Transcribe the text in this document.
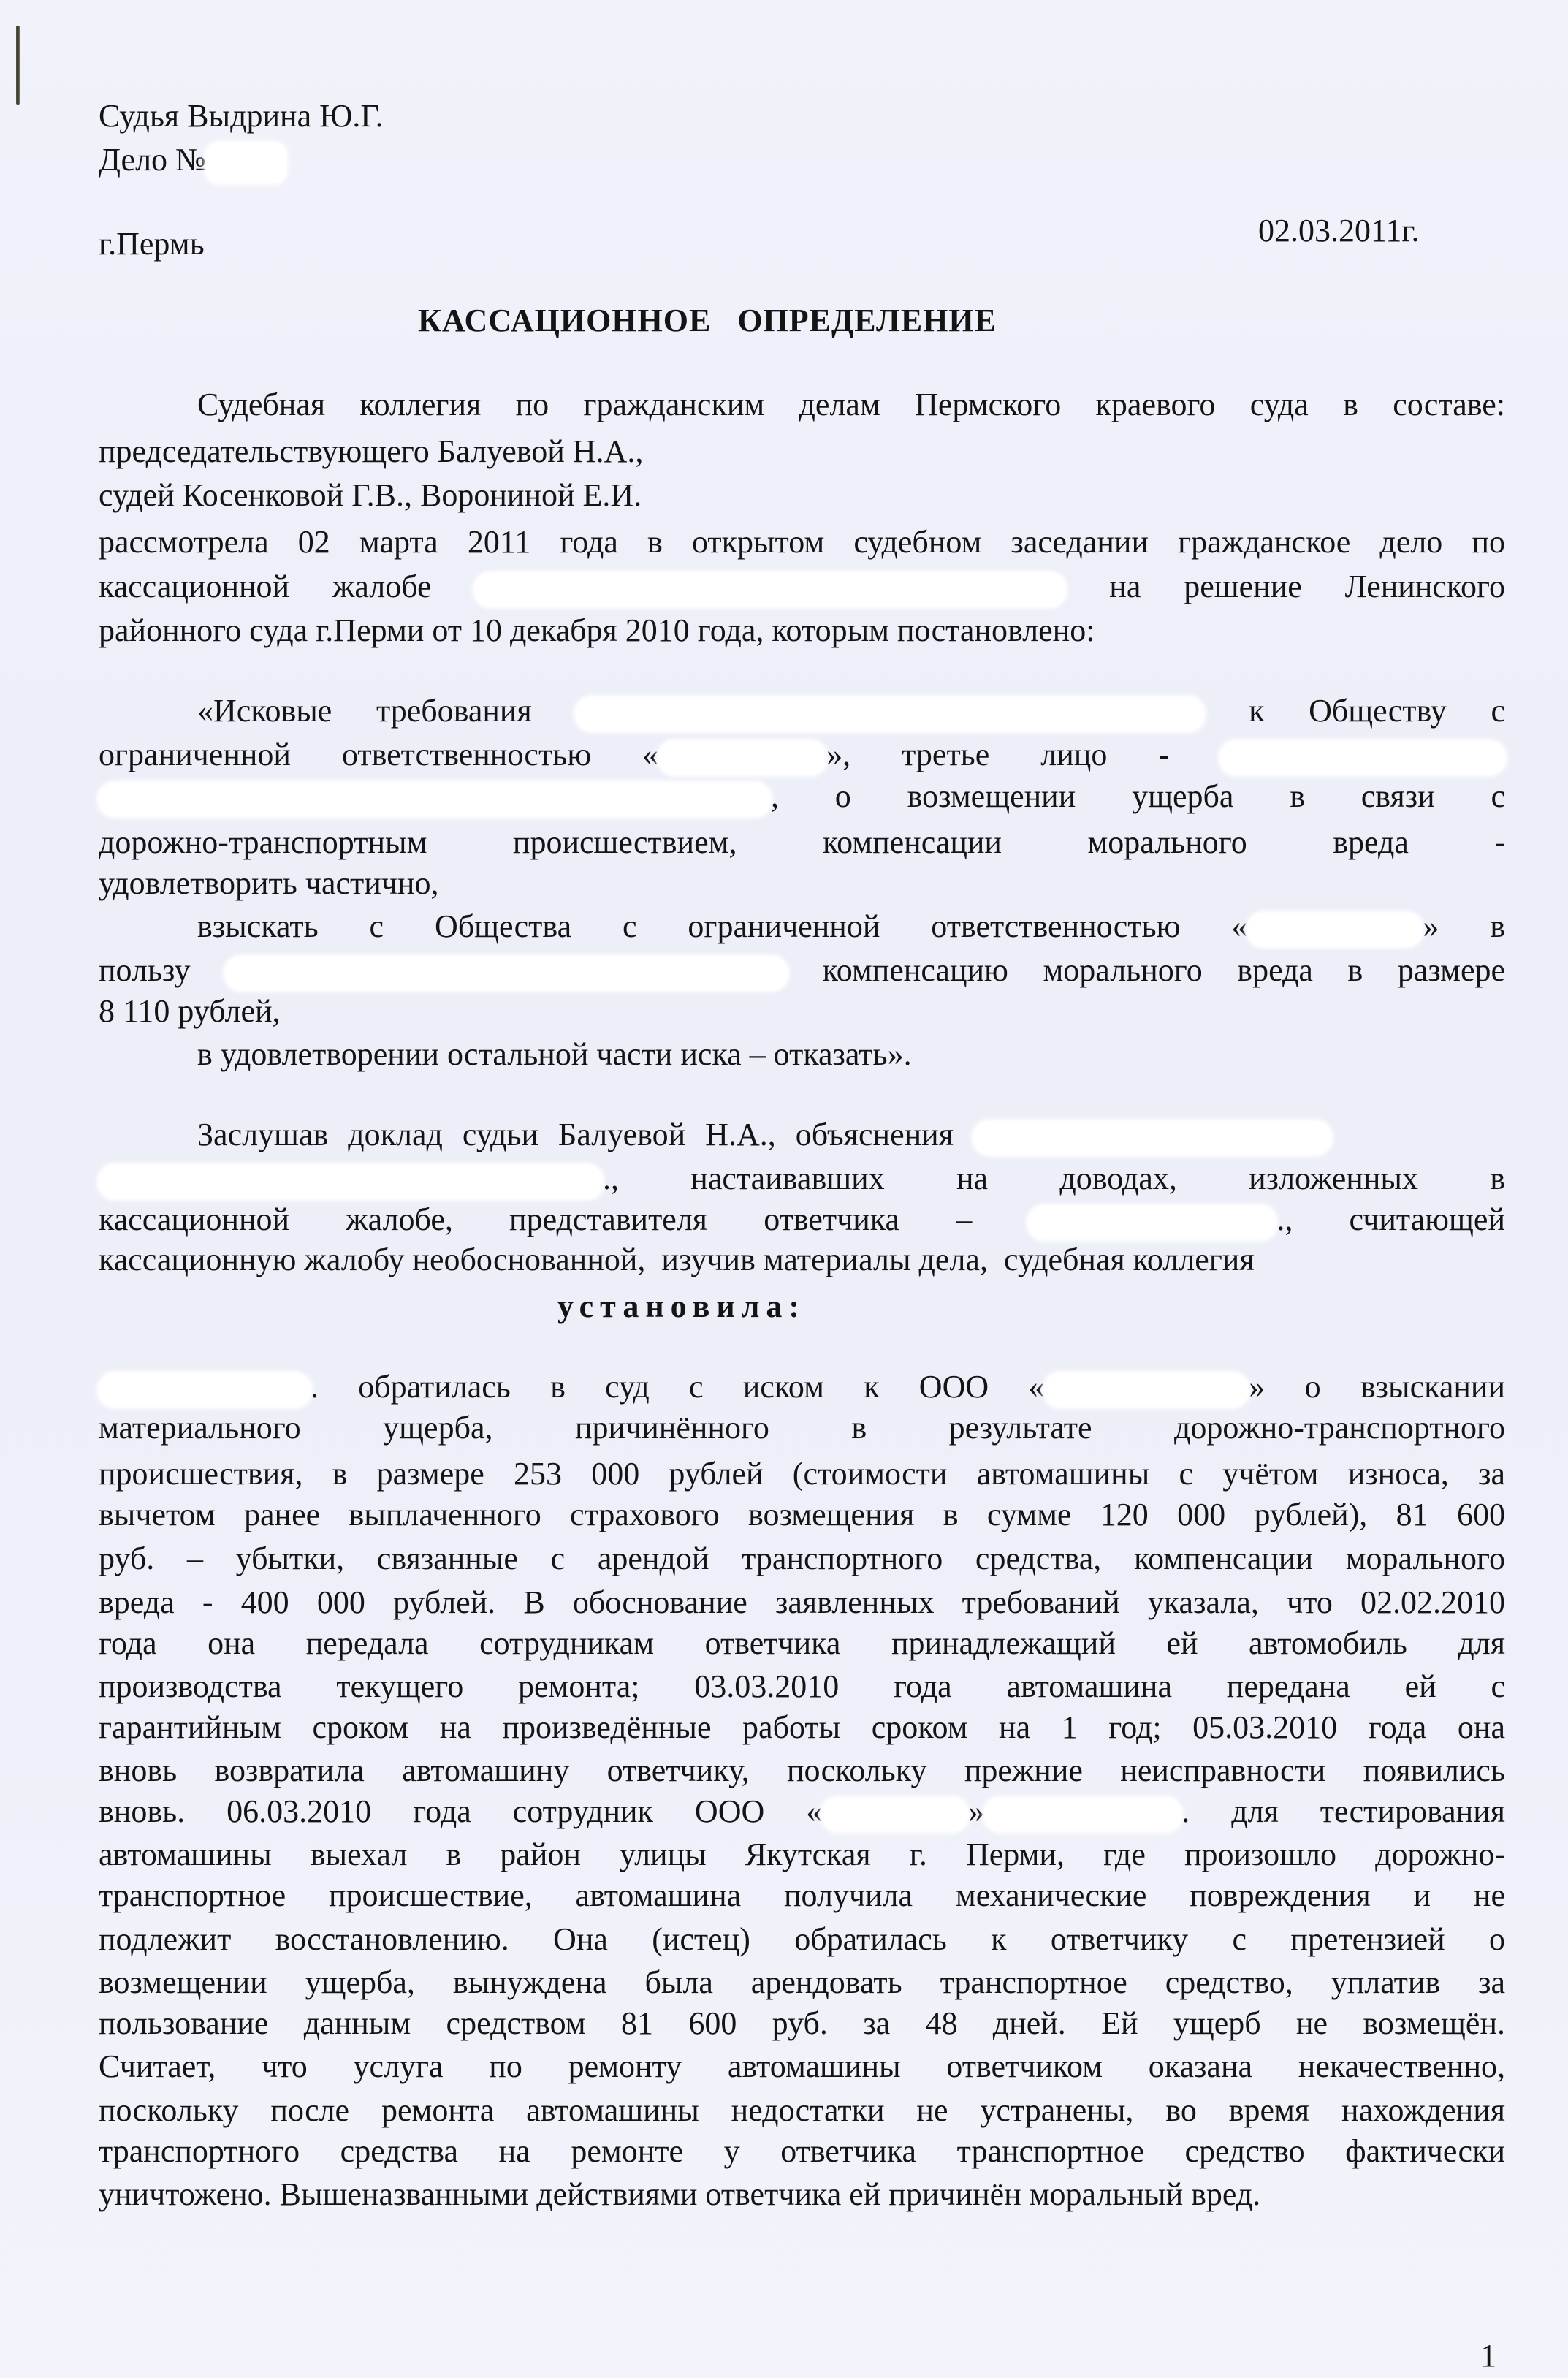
Судья Выдрина Ю.Г.
Дело №
г.Пермь	02.03.2011г.
КАССАЦИОННОЕ   ОПРЕДЕЛЕНИЕ
Судебная коллегия по гражданским делам Пермского краевого суда в составе:
председательствующего Балуевой Н.А.,
судей Косенковой Г.В., Ворониной Е.И.
рассмотрела 02 марта 2011 года в открытом судебном заседании гражданское дело по
кассационной жалобе	на решение Ленинского
районного суда г.Перми от 10 декабря 2010 года, которым постановлено:
«Исковые требования	к Обществу с
ограниченной ответственностью «	», третье лицо -
, о возмещении ущерба в связи с
дорожно-транспортным происшествием, компенсации морального вреда -
удовлетворить частично,
взыскать с Общества с ограниченной ответственностью «	» в
пользу	компенсацию морального вреда в размере
8 110 рублей,
в удовлетворении остальной части иска – отказать».
Заслушав доклад судьи Балуевой Н.А., объяснения
., настаивавших на доводах, изложенных в
кассационной жалобе, представителя ответчика –	., считающей
кассационную жалобу необоснованной,  изучив материалы дела,  судебная коллегия
установила:
. обратилась в суд с иском к ООО «	» о взыскании
материального ущерба, причинённого в результате дорожно-транспортного
происшествия, в размере 253 000 рублей (стоимости автомашины с учётом износа, за
вычетом ранее выплаченного страхового возмещения в сумме 120 000 рублей), 81 600
руб. – убытки, связанные с арендой транспортного средства, компенсации морального
вреда - 400 000 рублей. В обоснование заявленных требований указала, что 02.02.2010
года она передала сотрудникам ответчика принадлежащий ей автомобиль для
производства текущего ремонта; 03.03.2010 года автомашина передана ей с
гарантийным сроком на произведённые работы сроком на 1 год; 05.03.2010 года она
вновь возвратила автомашину ответчику, поскольку прежние неисправности появились
вновь. 06.03.2010 года сотрудник ООО «	»	. для тестирования
автомашины выехал в район улицы Якутская г. Перми, где произошло дорожно-
транспортное происшествие, автомашина получила механические повреждения и не
подлежит восстановлению. Она (истец) обратилась к ответчику с претензией о
возмещении ущерба, вынуждена была арендовать транспортное средство, уплатив за
пользование данным средством 81 600 руб. за 48 дней. Ей ущерб не возмещён.
Считает, что услуга по ремонту автомашины ответчиком оказана некачественно,
поскольку после ремонта автомашины недостатки не устранены, во время нахождения
транспортного средства на ремонте у ответчика транспортное средство фактически
уничтожено. Вышеназванными действиями ответчика ей причинён моральный вред.
1
